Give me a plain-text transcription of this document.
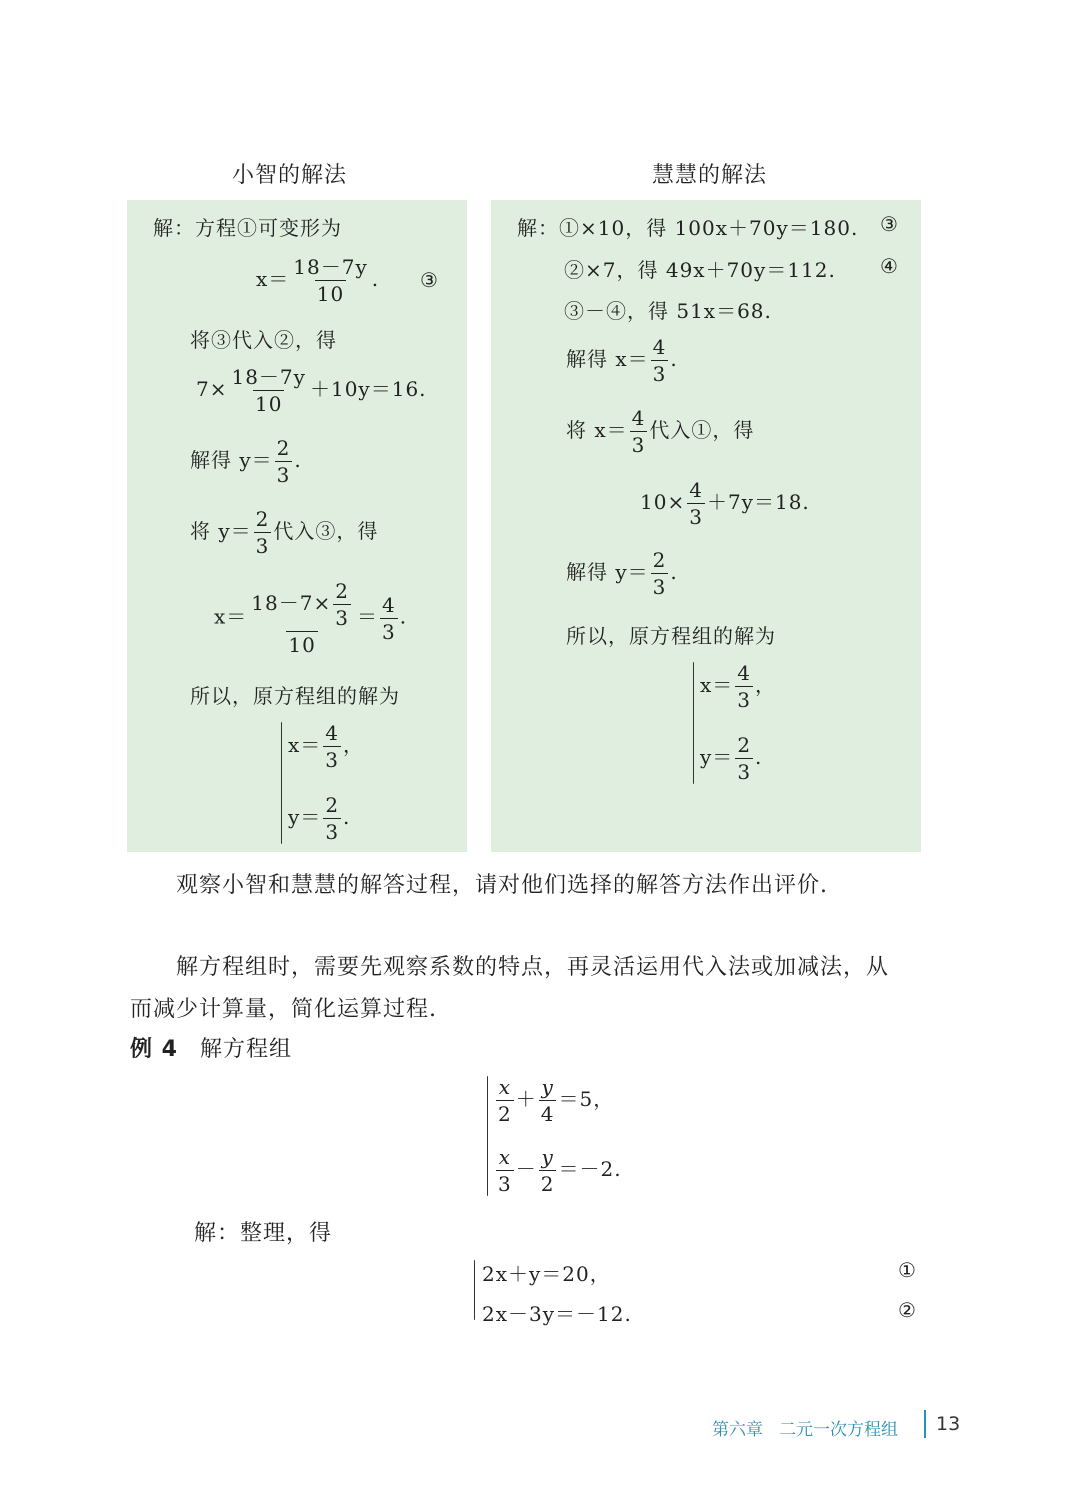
小智的解法	慧慧的解法
解：方程①可变形为
$x= \frac{18-7y}{10}$ . ③
将③代入②，得
$7\times \frac{18-7y}{10} +10y=16$.
解得 $y= \frac{2}{3}$ .
将 $y= \frac{2}{3}$ 代入③，得
$x= \frac{18-7\times \frac{2}{3}}{10} = \frac{4}{3}$ .
所以，原方程组的解为
$x= \frac{4}{3}$ ，
$y= \frac{2}{3}$ .
解：①×10，得 100x＋70y＝180. ③
②×7，得 49x＋70y＝112. ④
③－④，得 51x＝68.
解得 $x= \frac{4}{3}$ .
将 $x= \frac{4}{3}$ 代入①，得
$10\times \frac{4}{3} +7y=18$.
解得 $y= \frac{2}{3}$ .
所以，原方程组的解为
$x= \frac{4}{3}$ ，
$y= \frac{2}{3}$ .
观察小智和慧慧的解答过程，请对他们选择的解答方法作出评价.
解方程组时，需要先观察系数的特点，再灵活运用代入法或加减法，从
而减少计算量，简化运算过程.
例 4 解方程组
$\frac{x}{2} + \frac{y}{4} =5$，
$\frac{x}{3} - \frac{y}{2} =-2$.
解：整理，得
2x＋y＝20，	①
2x－3y＝－12.	②
第六章 二元一次方程组 13
